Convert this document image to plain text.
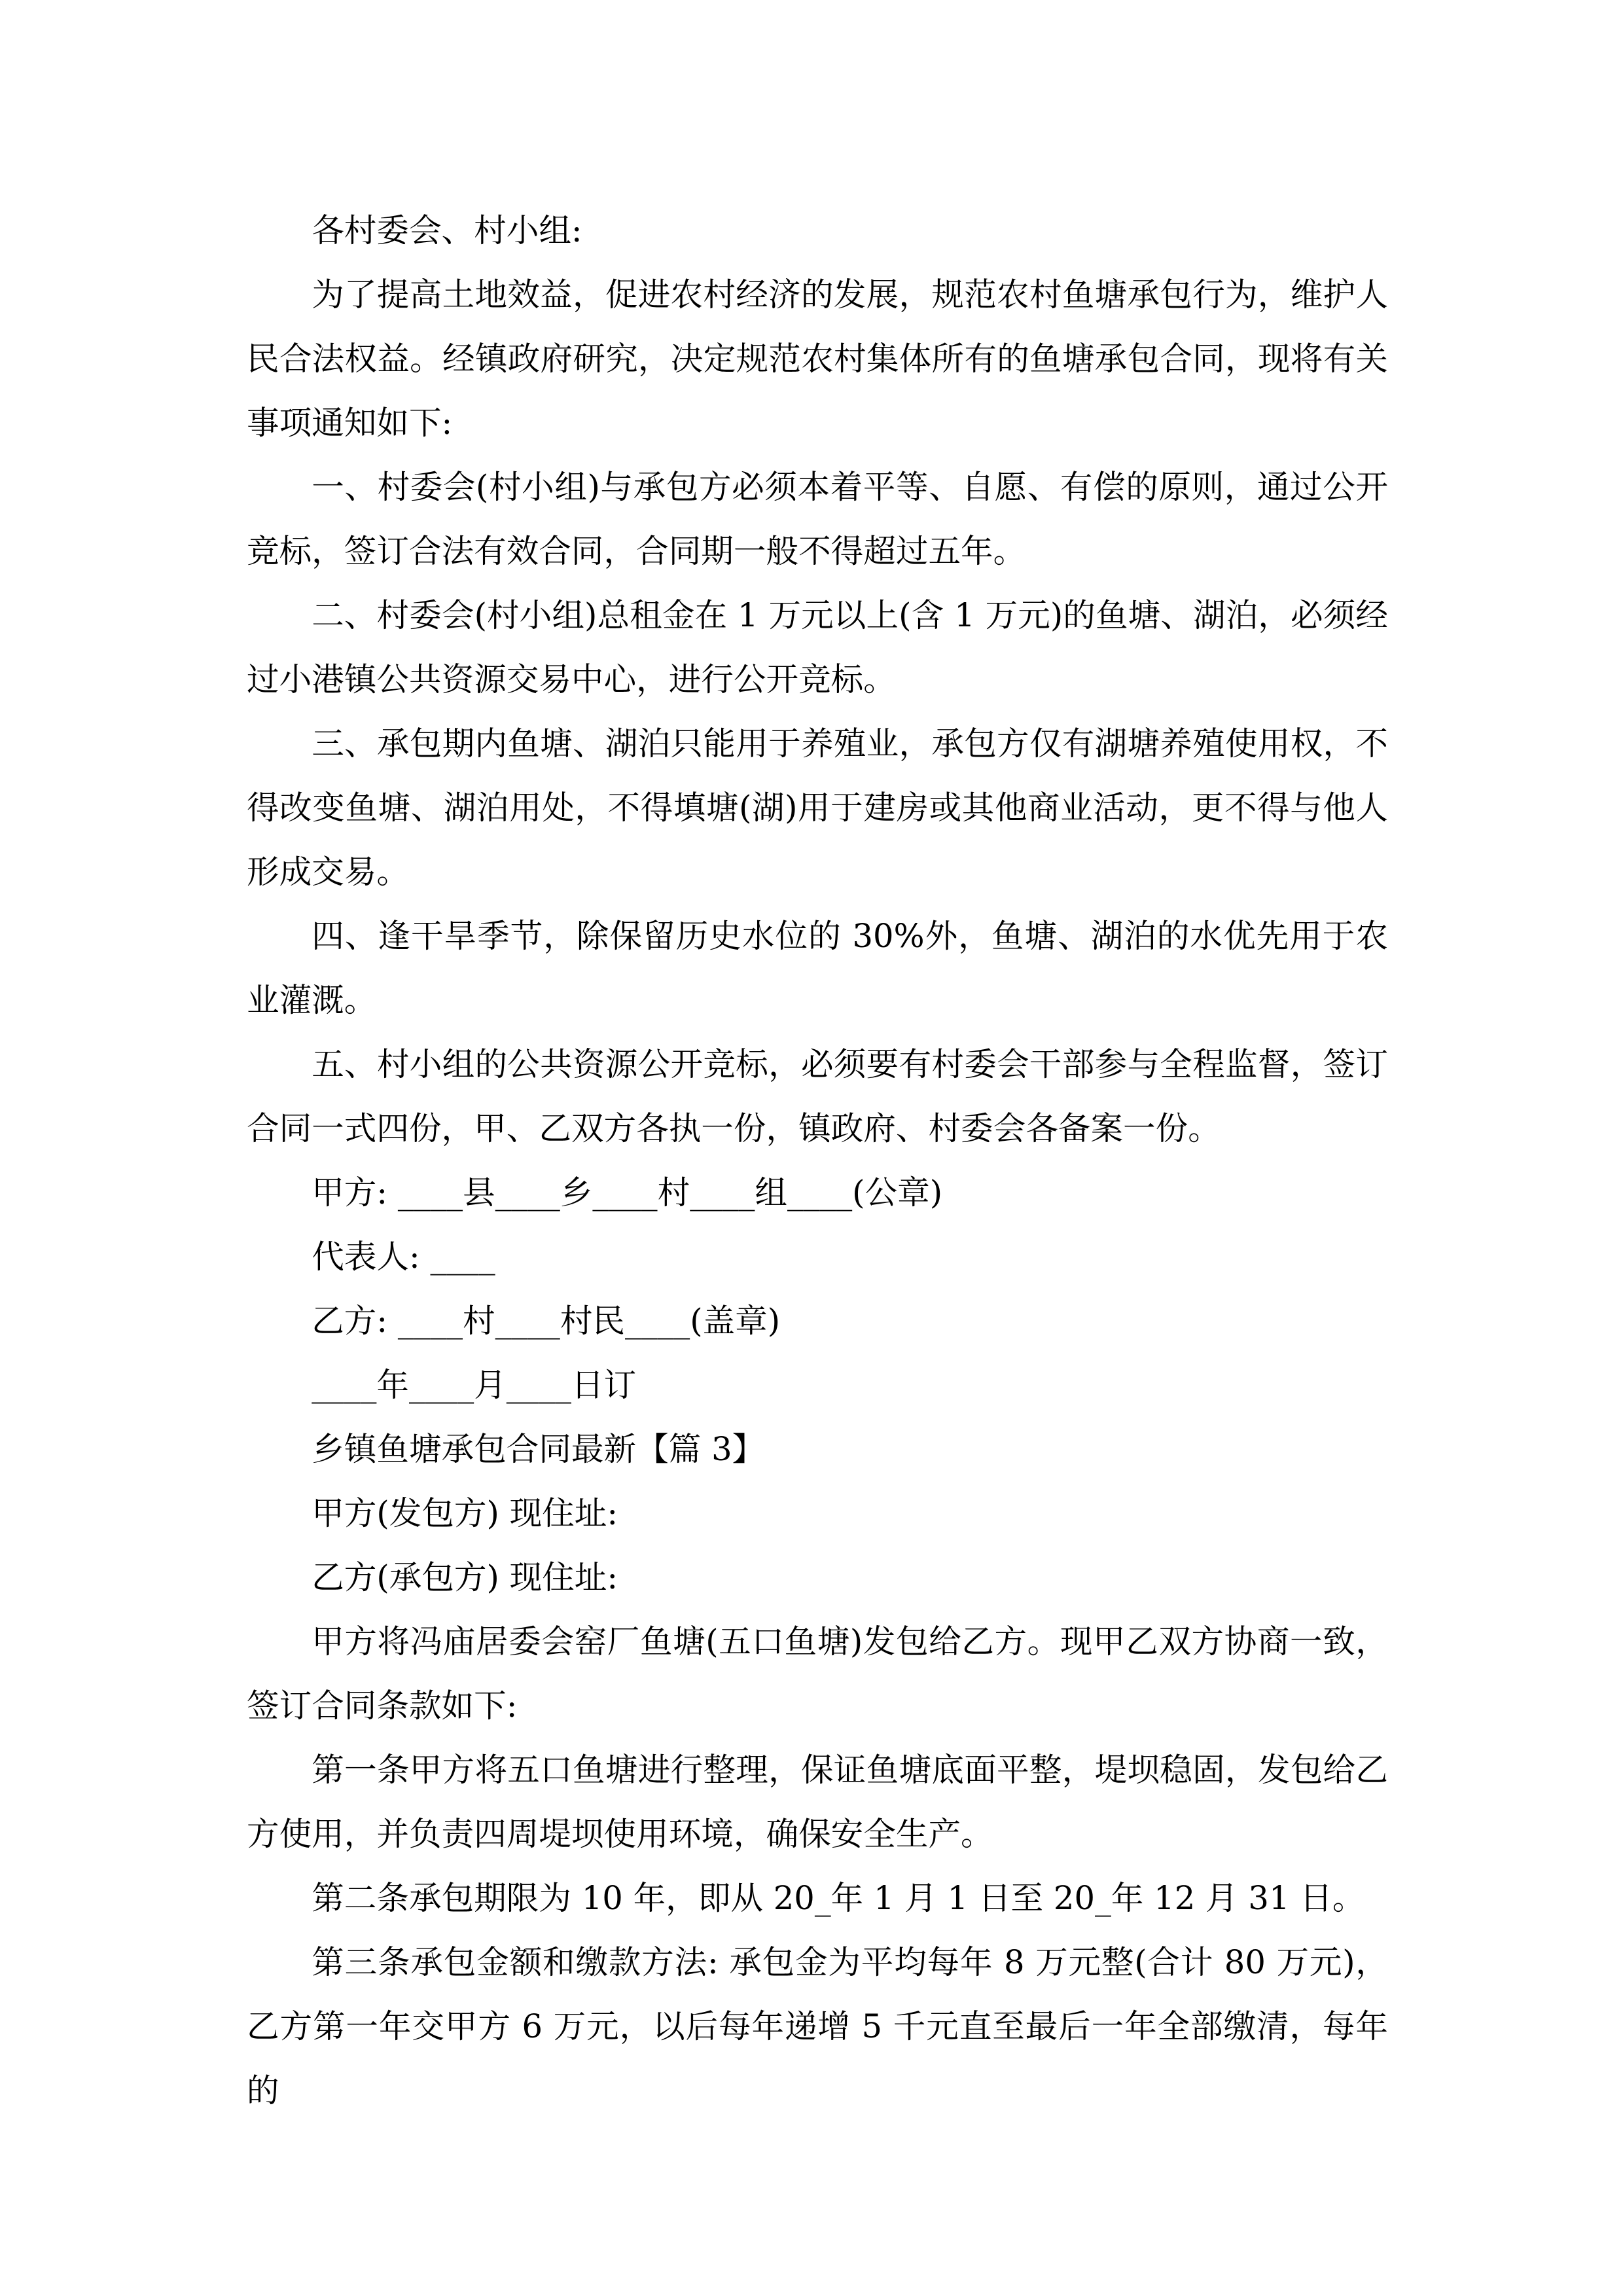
各村委会、村小组:

为了提高土地效益，促进农村经济的发展，规范农村鱼塘承包行为，维护人民合法权益。经镇政府研究，决定规范农村集体所有的鱼塘承包合同，现将有关事项通知如下:

一、村委会(村小组)与承包方必须本着平等、自愿、有偿的原则，通过公开竞标，签订合法有效合同，合同期一般不得超过五年。

二、村委会(村小组)总租金在 1 万元以上(含 1 万元)的鱼塘、湖泊，必须经过小港镇公共资源交易中心，进行公开竞标。

三、承包期内鱼塘、湖泊只能用于养殖业，承包方仅有湖塘养殖使用权，不得改变鱼塘、湖泊用处，不得填塘(湖)用于建房或其他商业活动，更不得与他人形成交易。

四、逢干旱季节，除保留历史水位的 30%外，鱼塘、湖泊的水优先用于农业灌溉。

五、村小组的公共资源公开竞标，必须要有村委会干部参与全程监督，签订合同一式四份，甲、乙双方各执一份，镇政府、村委会各备案一份。

甲方: ____县____乡____村____组____(公章)

代表人: ____

乙方: ____村____村民____(盖章)

____年____月____日订

乡镇鱼塘承包合同最新【篇 3】

甲方(发包方) 现住址:

乙方(承包方) 现住址:

甲方将冯庙居委会窑厂鱼塘(五口鱼塘)发包给乙方。现甲乙双方协商一致，签订合同条款如下:

第一条甲方将五口鱼塘进行整理，保证鱼塘底面平整，堤坝稳固，发包给乙方使用，并负责四周堤坝使用环境，确保安全生产。

第二条承包期限为 10 年，即从 20_年 1 月 1 日至 20_年 12 月 31 日。

第三条承包金额和缴款方法: 承包金为平均每年 8 万元整(合计 80 万元)，乙方第一年交甲方 6 万元，以后每年递增 5 千元直至最后一年全部缴清，每年的
